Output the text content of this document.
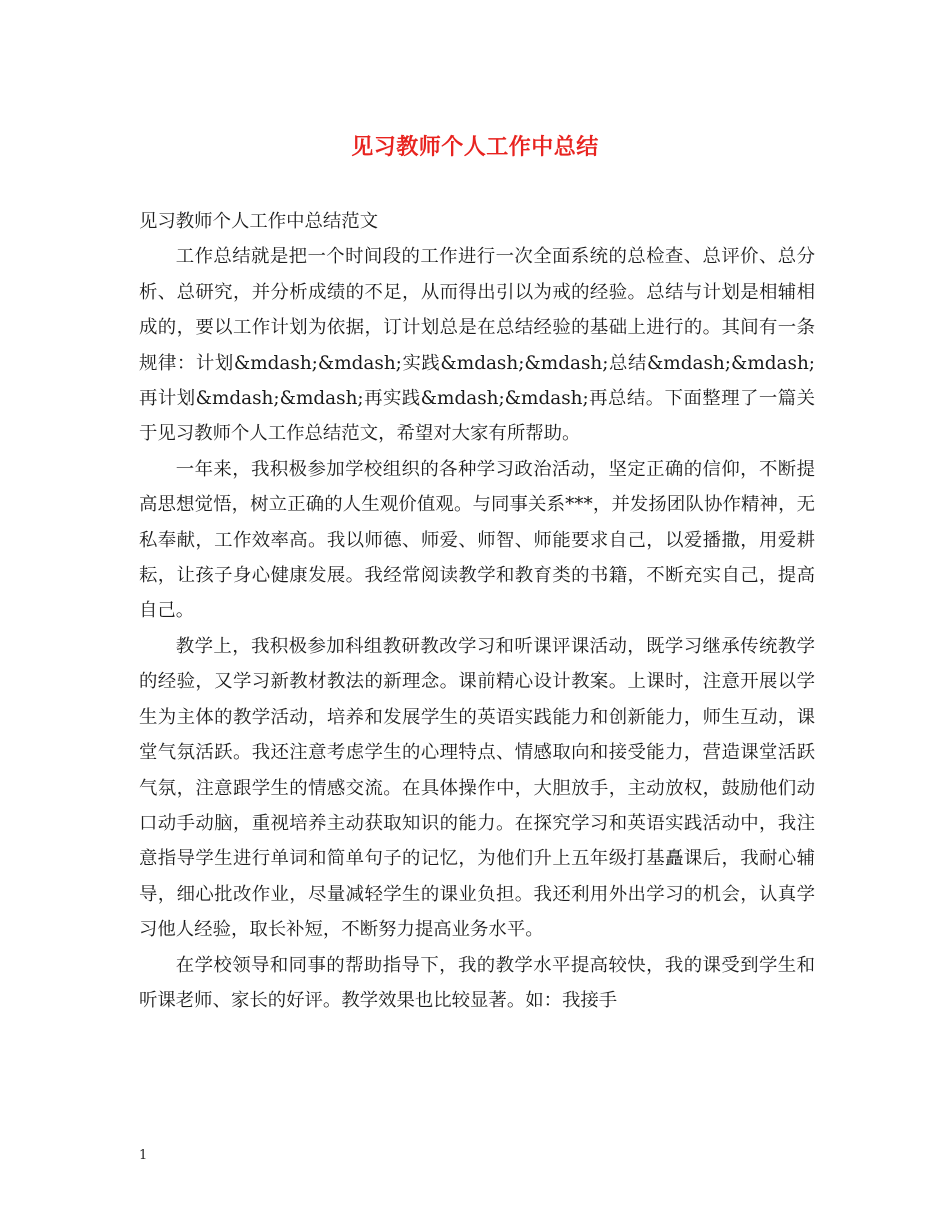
见习教师个人工作中总结

见习教师个人工作中总结范文

工作总结就是把一个时间段的工作进行一次全面系统的总检查、总评价、总分析、总研究，并分析成绩的不足，从而得出引以为戒的经验。总结与计划是相辅相成的，要以工作计划为依据，订计划总是在总结经验的基础上进行的。其间有一条规律：计划&mdash;&mdash;实践&mdash;&mdash;总结&mdash;&mdash;再计划&mdash;&mdash;再实践&mdash;&mdash;再总结。下面整理了一篇关于见习教师个人工作总结范文，希望对大家有所帮助。

一年来，我积极参加学校组织的各种学习政治活动，坚定正确的信仰，不断提高思想觉悟，树立正确的人生观价值观。与同事关系***，并发扬团队协作精神，无私奉献，工作效率高。我以师德、师爱、师智、师能要求自己，以爱播撒，用爱耕耘，让孩子身心健康发展。我经常阅读教学和教育类的书籍，不断充实自己，提高自己。

教学上，我积极参加科组教研教改学习和听课评课活动，既学习继承传统教学的经验，又学习新教材教法的新理念。课前精心设计教案。上课时，注意开展以学生为主体的教学活动，培养和发展学生的英语实践能力和创新能力，师生互动，课堂气氛活跃。我还注意考虑学生的心理特点、情感取向和接受能力，营造课堂活跃气氛，注意跟学生的情感交流。在具体操作中，大胆放手，主动放权，鼓励他们动口动手动脑，重视培养主动获取知识的能力。在探究学习和英语实践活动中，我注意指导学生进行单词和简单句子的记忆，为他们升上五年级打基矗课后，我耐心辅导，细心批改作业，尽量减轻学生的课业负担。我还利用外出学习的机会，认真学习他人经验，取长补短，不断努力提高业务水平。

在学校领导和同事的帮助指导下，我的教学水平提高较快，我的课受到学生和听课老师、家长的好评。教学效果也比较显著。如：我接手

1
